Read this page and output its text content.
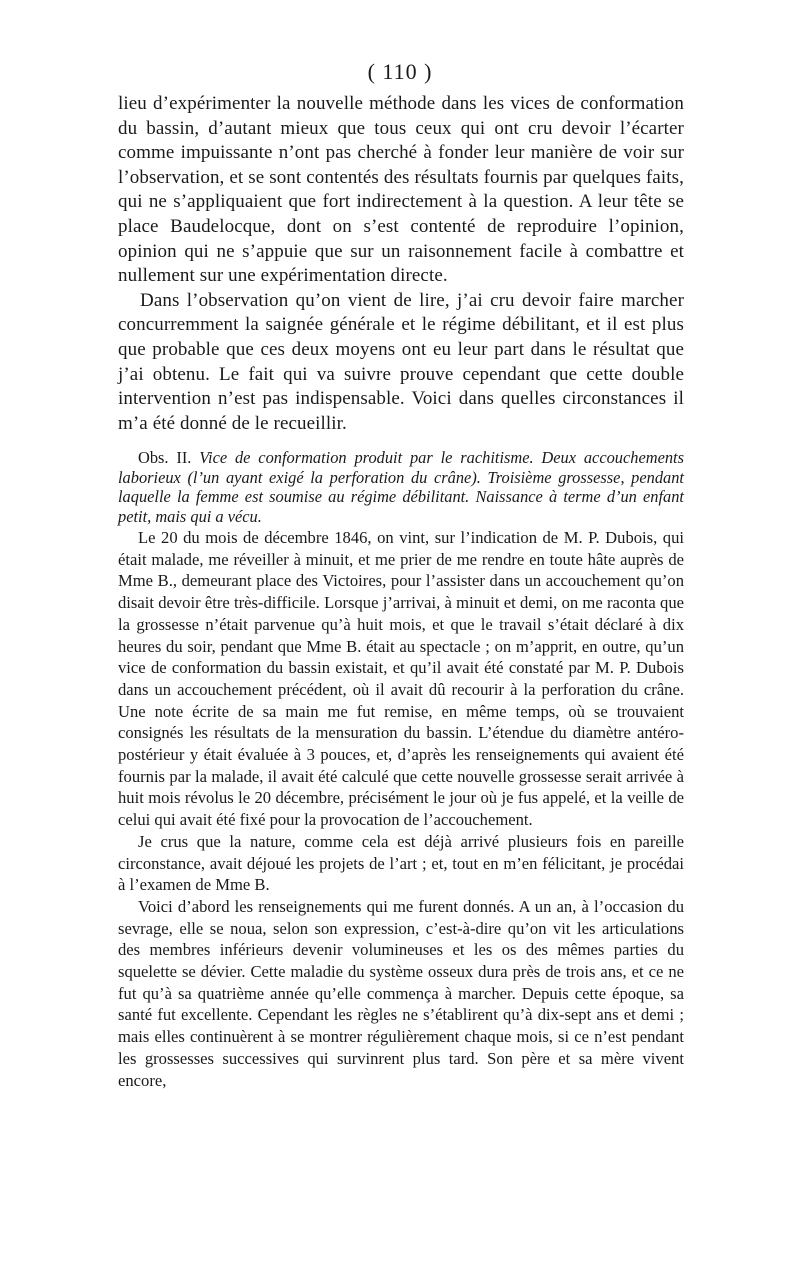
( 110 )

lieu d’expérimenter la nouvelle méthode dans les vices de conformation du bassin, d’autant mieux que tous ceux qui ont cru devoir l’écarter comme impuissante n’ont pas cherché à fonder leur manière de voir sur l’observation, et se sont contentés des résultats fournis par quelques faits, qui ne s’appliquaient que fort indirectement à la question. A leur tête se place Baudelocque, dont on s’est contenté de reproduire l’opinion, opinion qui ne s’appuie que sur un raisonnement facile à combattre et nullement sur une expérimentation directe.

Dans l’observation qu’on vient de lire, j’ai cru devoir faire marcher concurremment la saignée générale et le régime débilitant, et il est plus que probable que ces deux moyens ont eu leur part dans le résultat que j’ai obtenu. Le fait qui va suivre prouve cependant que cette double intervention n’est pas indispensable. Voici dans quelles circonstances il m’a été donné de le recueillir.

Obs. II. Vice de conformation produit par le rachitisme. Deux accouchements laborieux (l’un ayant exigé la perforation du crâne). Troisième grossesse, pendant laquelle la femme est soumise au régime débilitant. Naissance à terme d’un enfant petit, mais qui a vécu.

Le 20 du mois de décembre 1846, on vint, sur l’indication de M. P. Dubois, qui était malade, me réveiller à minuit, et me prier de me rendre en toute hâte auprès de Mme B., demeurant place des Victoires, pour l’assister dans un accouchement qu’on disait devoir être très-difficile. Lorsque j’arrivai, à minuit et demi, on me raconta que la grossesse n’était parvenue qu’à huit mois, et que le travail s’était déclaré à dix heures du soir, pendant que Mme B. était au spectacle ; on m’apprit, en outre, qu’un vice de conformation du bassin existait, et qu’il avait été constaté par M. P. Dubois dans un accouchement précédent, où il avait dû recourir à la perforation du crâne. Une note écrite de sa main me fut remise, en même temps, où se trouvaient consignés les résultats de la mensuration du bassin. L’étendue du diamètre antéro-postérieur y était évaluée à 3 pouces, et, d’après les renseignements qui avaient été fournis par la malade, il avait été calculé que cette nouvelle grossesse serait arrivée à huit mois révolus le 20 décembre, précisément le jour où je fus appelé, et la veille de celui qui avait été fixé pour la provocation de l’accouchement.

Je crus que la nature, comme cela est déjà arrivé plusieurs fois en pareille circonstance, avait déjoué les projets de l’art ; et, tout en m’en félicitant, je procédai à l’examen de Mme B.

Voici d’abord les renseignements qui me furent donnés. A un an, à l’occasion du sevrage, elle se noua, selon son expression, c’est-à-dire qu’on vit les articulations des membres inférieurs devenir volumineuses et les os des mêmes parties du squelette se dévier. Cette maladie du système osseux dura près de trois ans, et ce ne fut qu’à sa quatrième année qu’elle commença à marcher. Depuis cette époque, sa santé fut excellente. Cependant les règles ne s’établirent qu’à dix-sept ans et demi ; mais elles continuèrent à se montrer régulièrement chaque mois, si ce n’est pendant les grossesses successives qui survinrent plus tard. Son père et sa mère vivent encore,
